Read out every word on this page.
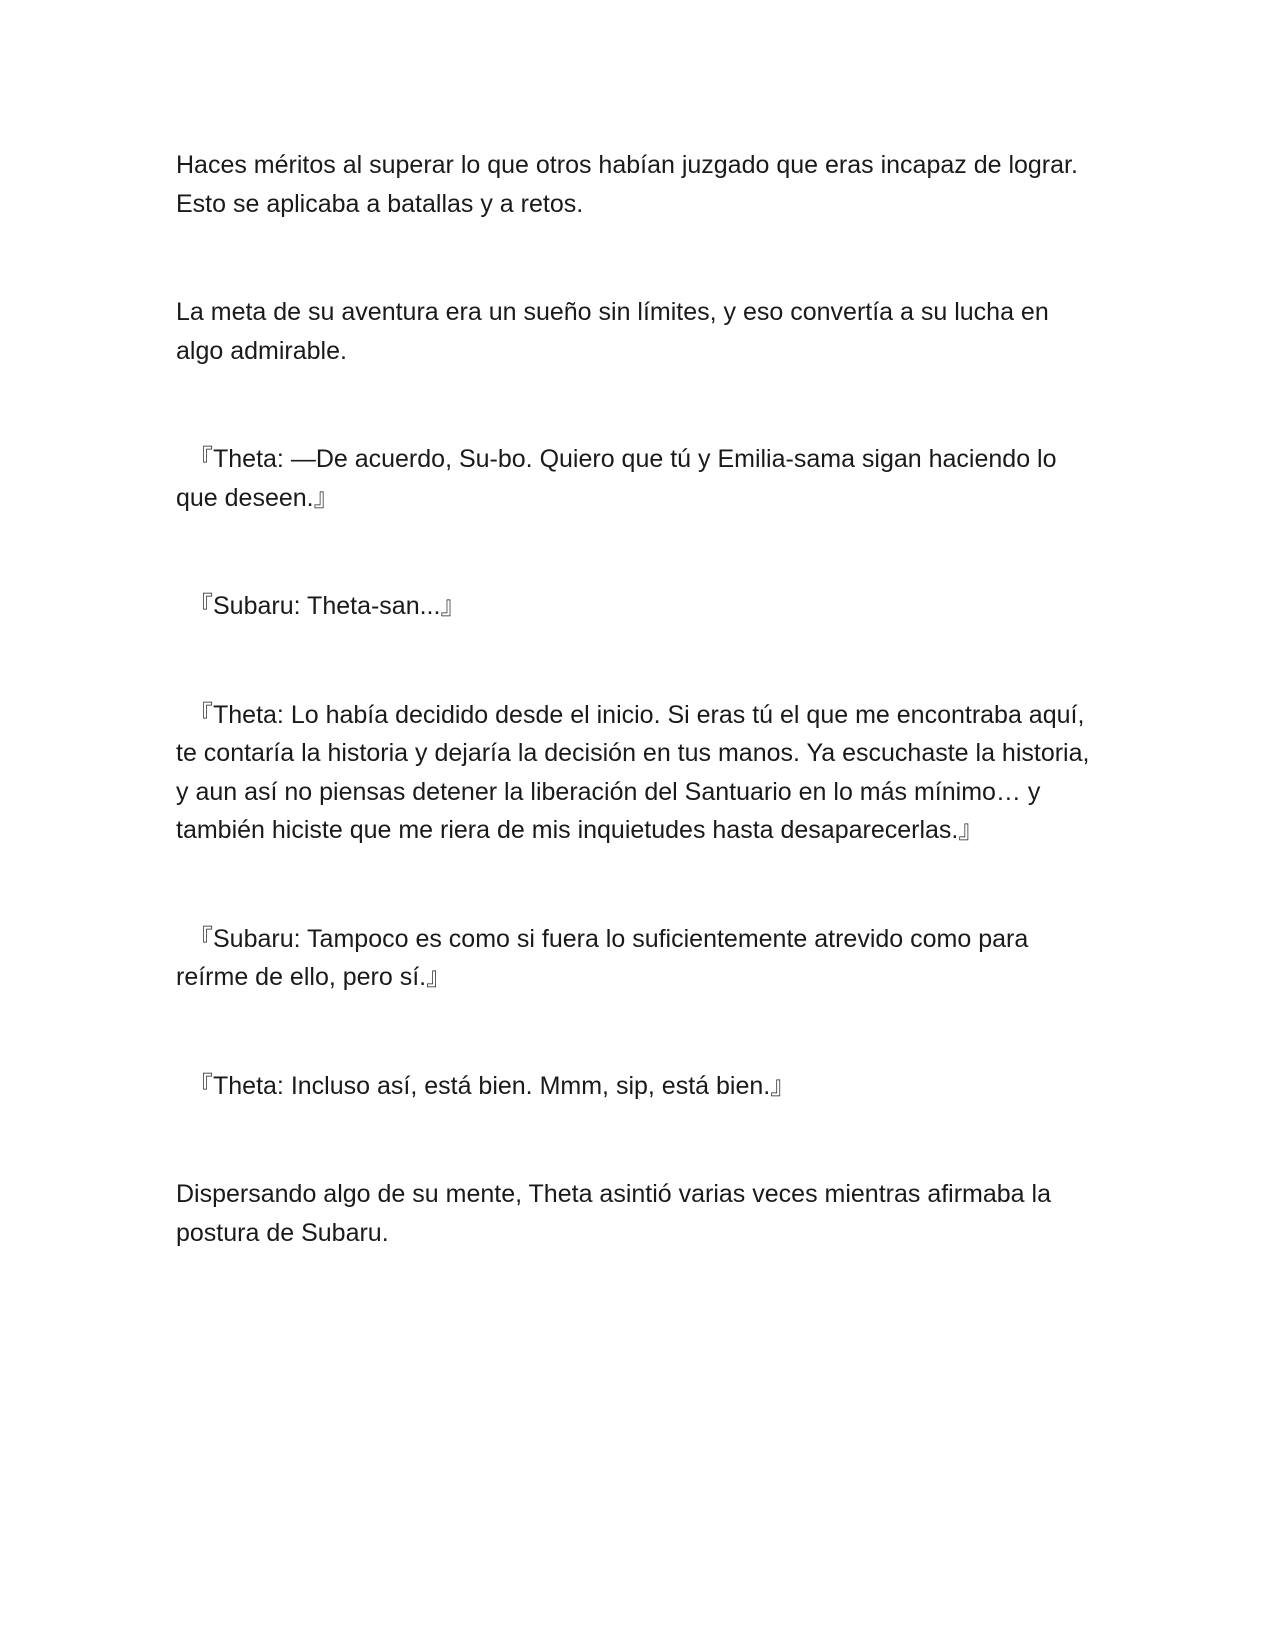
Haces méritos al superar lo que otros habían juzgado que eras incapaz de lograr. Esto se aplicaba a batallas y a retos.

La meta de su aventura era un sueño sin límites, y eso convertía a su lucha en algo admirable.

『Theta: —De acuerdo, Su-bo. Quiero que tú y Emilia-sama sigan haciendo lo que deseen.』

『Subaru: Theta-san...』

『Theta: Lo había decidido desde el inicio. Si eras tú el que me encontraba aquí, te contaría la historia y dejaría la decisión en tus manos. Ya escuchaste la historia, y aun así no piensas detener la liberación del Santuario en lo más mínimo… y también hiciste que me riera de mis inquietudes hasta desaparecerlas.』

『Subaru: Tampoco es como si fuera lo suficientemente atrevido como para reírme de ello, pero sí.』

『Theta: Incluso así, está bien. Mmm, sip, está bien.』

Dispersando algo de su mente, Theta asintió varias veces mientras afirmaba la postura de Subaru.
